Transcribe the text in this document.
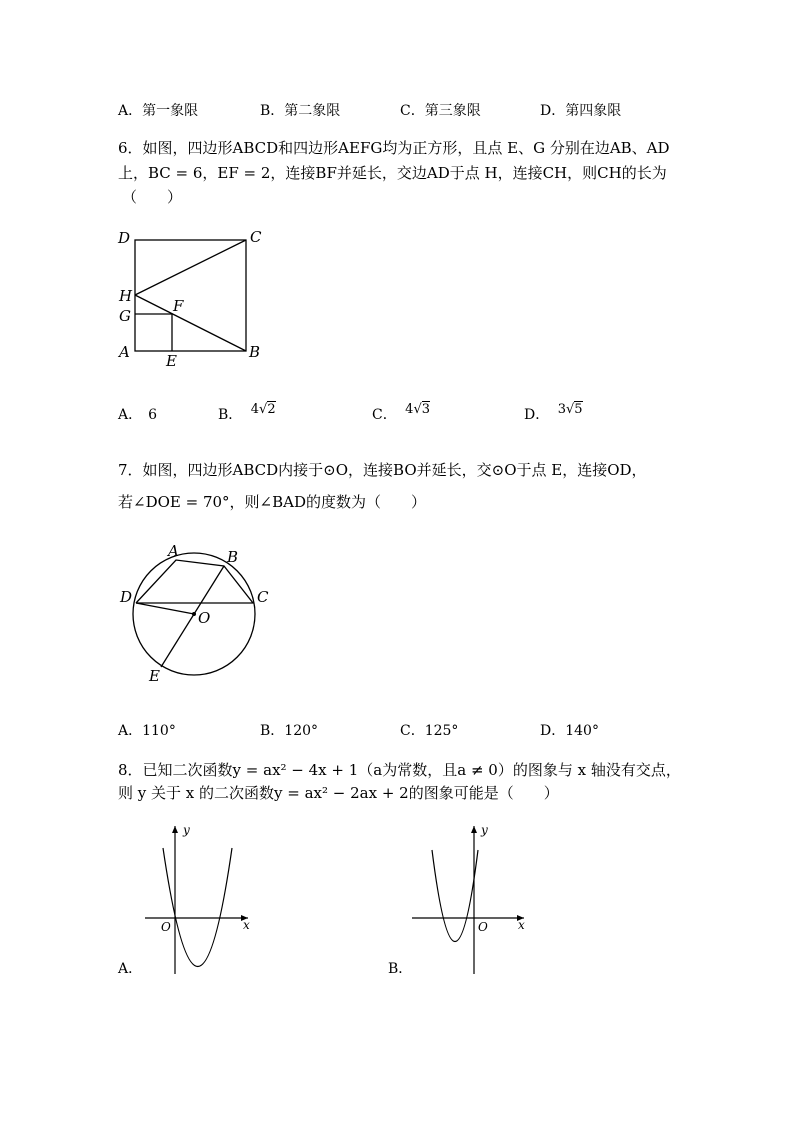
A．第一象限	B．第二象限	C．第三象限	D．第四象限
6．如图，四边形ABCD和四边形AEFG均为正方形，且点 E、G 分别在边AB、AD
上，BC = 6，EF = 2，连接BF并延长，交边AD于点 H，连接CH，则CH的长为
（　　）
D	C
H
F
G
A E	B
A． 6	B． 4√2	C． 4√3	D． 3√5
7．如图，四边形ABCD内接于⊙O，连接BO并延长，交⊙O于点 E，连接OD，
若∠DOE = 70°，则∠BAD的度数为（　　）
A	B
C
D
O
E
A．110°	B．120°	C．125°	D．140°
8．已知二次函数y = ax² − 4x + 1（a为常数，且a ≠ 0）的图象与 x 轴没有交点，
则 y 关于 x 的二次函数y = ax² − 2ax + 2的图象可能是（　　）
y
x
O
A．
y
x
O
B．
